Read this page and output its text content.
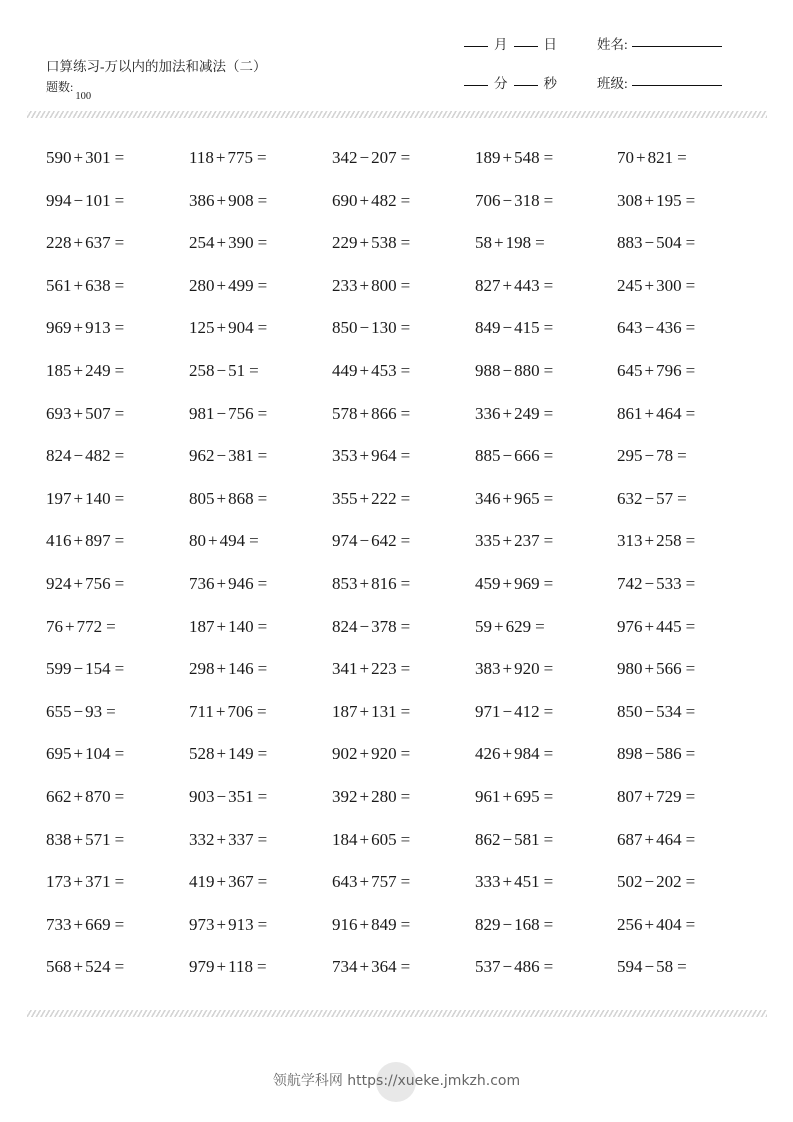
口算练习-万以内的加法和减法（二）
题数:100
月	日	姓名:
分	秒	班级:
590 + 301 =	118 + 775 =	342 − 207 =	189 + 548 =	70 + 821 =
994 − 101 =	386 + 908 =	690 + 482 =	706 − 318 =	308 + 195 =
228 + 637 =	254 + 390 =	229 + 538 =	58 + 198 =	883 − 504 =
561 + 638 =	280 + 499 =	233 + 800 =	827 + 443 =	245 + 300 =
969 + 913 =	125 + 904 =	850 − 130 =	849 − 415 =	643 − 436 =
185 + 249 =	258 − 51 =	449 + 453 =	988 − 880 =	645 + 796 =
693 + 507 =	981 − 756 =	578 + 866 =	336 + 249 =	861 + 464 =
824 − 482 =	962 − 381 =	353 + 964 =	885 − 666 =	295 − 78 =
197 + 140 =	805 + 868 =	355 + 222 =	346 + 965 =	632 − 57 =
416 + 897 =	80 + 494 =	974 − 642 =	335 + 237 =	313 + 258 =
924 + 756 =	736 + 946 =	853 + 816 =	459 + 969 =	742 − 533 =
76 + 772 =	187 + 140 =	824 − 378 =	59 + 629 =	976 + 445 =
599 − 154 =	298 + 146 =	341 + 223 =	383 + 920 =	980 + 566 =
655 − 93 =	711 + 706 =	187 + 131 =	971 − 412 =	850 − 534 =
695 + 104 =	528 + 149 =	902 + 920 =	426 + 984 =	898 − 586 =
662 + 870 =	903 − 351 =	392 + 280 =	961 + 695 =	807 + 729 =
838 + 571 =	332 + 337 =	184 + 605 =	862 − 581 =	687 + 464 =
173 + 371 =	419 + 367 =	643 + 757 =	333 + 451 =	502 − 202 =
733 + 669 =	973 + 913 =	916 + 849 =	829 − 168 =	256 + 404 =
568 + 524 =	979 + 118 =	734 + 364 =	537 − 486 =	594 − 58 =
领航学科网 https://xueke.jmkzh.com
